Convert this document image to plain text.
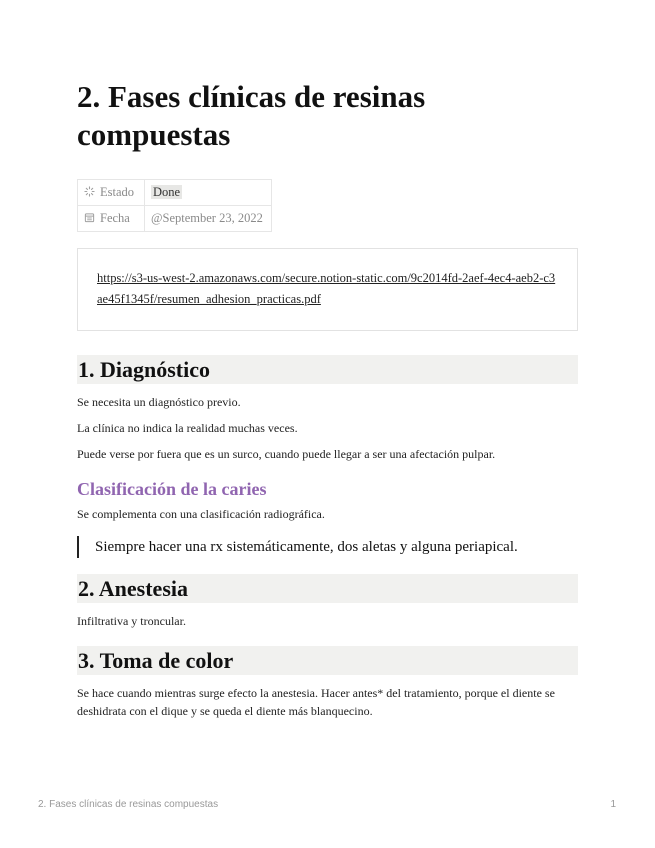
2. Fases clínicas de resinas compuestas
Estado	Done
Fecha	@September 23, 2022
https://s3-us-west-2.amazonaws.com/secure.notion-static.com/9c2014fd-2aef-4ec4-aeb2-c3ae45f1345f/resumen_adhesion_practicas.pdf
1. Diagnóstico

Se necesita un diagnóstico previo.

La clínica no indica la realidad muchas veces.

Puede verse por fuera que es un surco, cuando puede llegar a ser una afectación pulpar.

Clasificación de la caries

Se complementa con una clasificación radiográfica.

Siempre hacer una rx sistemáticamente, dos aletas y alguna periapical.
2. Anestesia

Infiltrativa y troncular.

3. Toma de color

Se hace cuando mientras surge efecto la anestesia. Hacer antes* del tratamiento, porque el diente se deshidrata con el dique y se queda el diente más blanquecino.

2. Fases clínicas de resinas compuestas	1
